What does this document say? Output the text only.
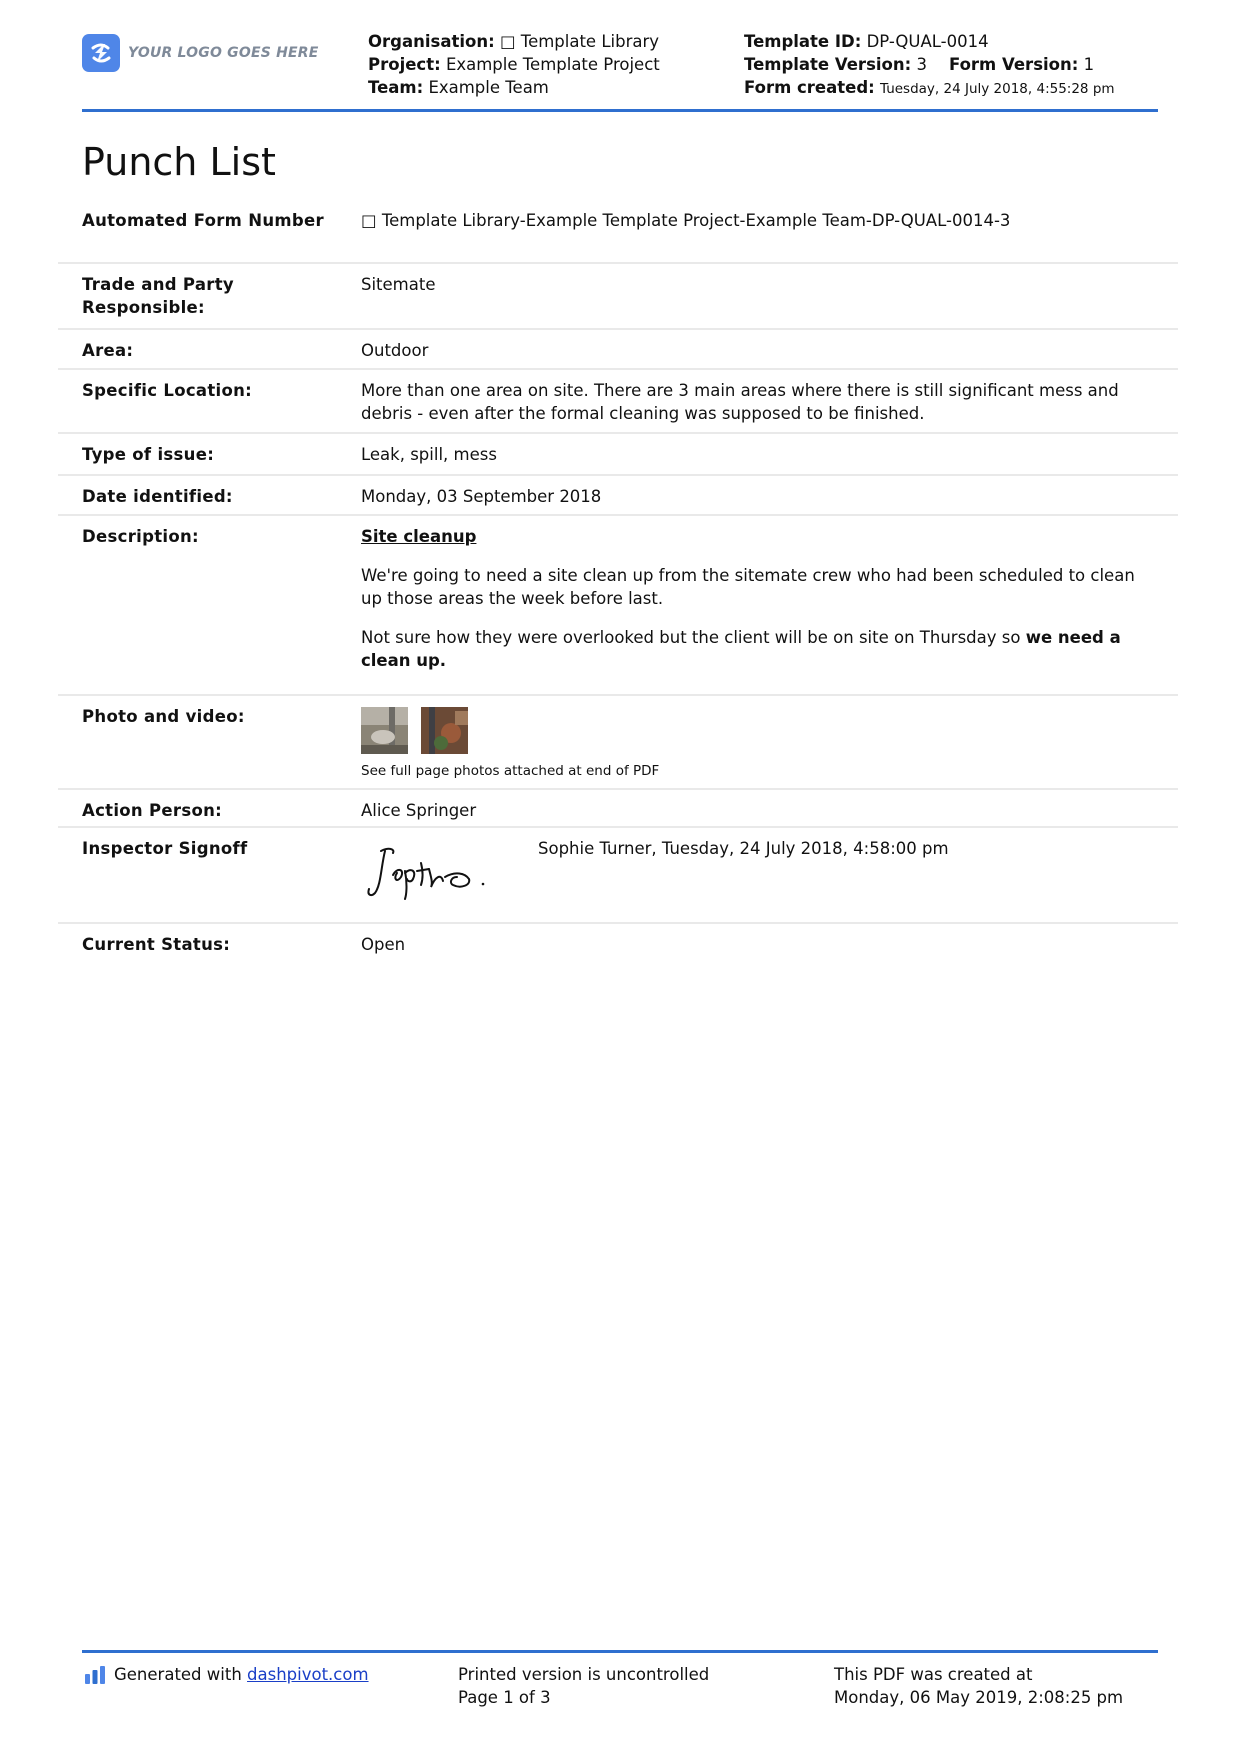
YOUR LOGO GOES HERE
Organisation: □ Template Library
Project: Example Template Project
Team: Example Team
Template ID: DP-QUAL-0014
Template Version: 3 Form Version: 1
Form created: Tuesday, 24 July 2018, 4:55:28 pm
Punch List
Automated Form Number	□ Template Library-Example Template Project-Example Team-DP-QUAL-0014-3
Trade and Party Responsible:
Sitemate
Area:	Outdoor
Specific Location:	More than one area on site. There are 3 main areas where there is still significant mess and debris - even after the formal cleaning was supposed to be finished.
Type of issue:	Leak, spill, mess
Date identified:	Monday, 03 September 2018
Description:	Site cleanup

We're going to need a site clean up from the sitemate crew who had been scheduled to clean up those areas the week before last.

Not sure how they were overlooked but the client will be on site on Thursday so we need a clean up.

Photo and video:
See full page photos attached at end of PDF
Action Person:	Alice Springer
Inspector Signoff	Sophie Turner, Tuesday, 24 July 2018, 4:58:00 pm
Current Status:	Open
Generated with dashpivot.com	Printed version is uncontrolled
Page 1 of 3
This PDF was created at
Monday, 06 May 2019, 2:08:25 pm
